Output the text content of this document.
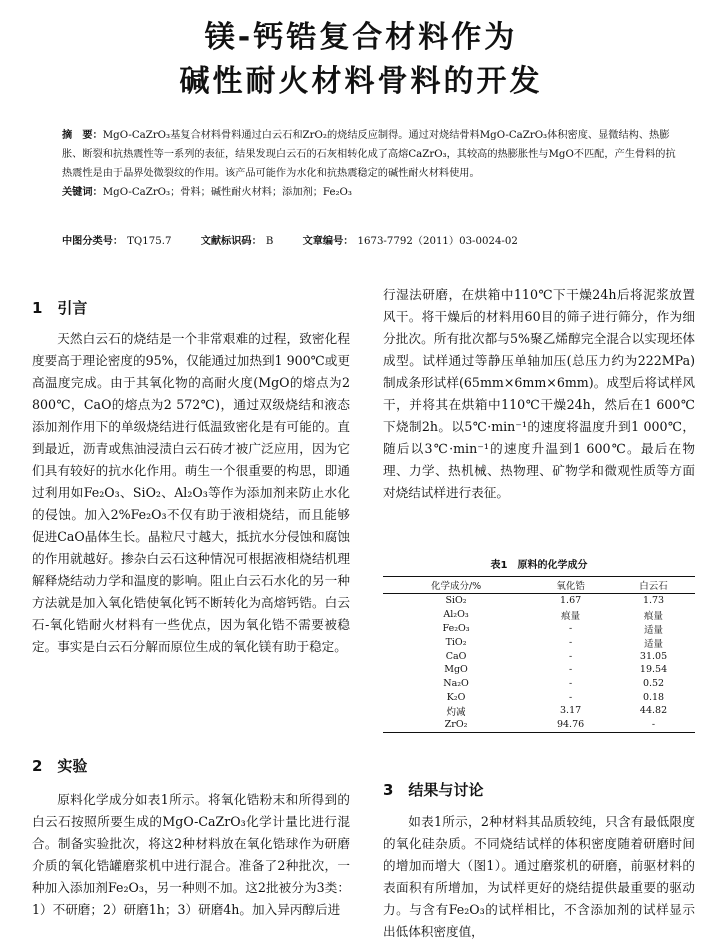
镁-钙锆复合材料作为
碱性耐火材料骨料的开发
摘　要：MgO-CaZrO₃基复合材料骨料通过白云石和ZrO₂的烧结反应制得。通过对烧结骨料MgO-CaZrO₃体积密度、显微结构、热膨胀、断裂和抗热震性等一系列的表征，结果发现白云石的石灰相转化成了高熔CaZrO₃，其较高的热膨胀性与MgO不匹配，产生骨料的抗热震性是由于晶界处微裂纹的作用。该产品可能作为水化和抗热震稳定的碱性耐火材料使用。
关键词：MgO-CaZrO₃；骨料；碱性耐火材料；添加剂；Fe₂O₃
中图分类号： TQ175.7	文献标识码： B	文章编号： 1673-7792（2011）03-0024-02
1　引言
天然白云石的烧结是一个非常艰难的过程，致密化程度要高于理论密度的95%，仅能通过加热到1 900℃或更高温度完成。由于其氧化物的高耐火度(MgO的熔点为2 800℃，CaO的熔点为2 572℃)，通过双级烧结和液态添加剂作用下的单级烧结进行低温致密化是有可能的。直到最近，沥青或焦油浸渍白云石砖才被广泛应用，因为它们具有较好的抗水化作用。萌生一个很重要的构思，即通过利用如Fe₂O₃、SiO₂、Al₂O₃等作为添加剂来防止水化的侵蚀。加入2%Fe₂O₃不仅有助于液相烧结，而且能够促进CaO晶体生长。晶粒尺寸越大，抵抗水分侵蚀和腐蚀的作用就越好。掺杂白云石这种情况可根据液相烧结机理解释烧结动力学和温度的影响。阻止白云石水化的另一种方法就是加入氧化锆使氧化钙不断转化为高熔钙锆。白云石-氧化锆耐火材料有一些优点，因为氧化锆不需要被稳定。事实是白云石分解而原位生成的氧化镁有助于稳定。
2　实验
原料化学成分如表1所示。将氧化锆粉末和所得到的白云石按照所要生成的MgO-CaZrO₃化学计量比进行混合。制备实验批次，将这2种材料放在氧化锆球作为研磨介质的氧化锆罐磨浆机中进行混合。准备了2种批次，一种加入添加剂Fe₂O₃，另一种则不加。这2批被分为3类：1）不研磨；2）研磨1h；3）研磨4h。加入异丙醇后进
行湿法研磨，在烘箱中110℃下干燥24h后将泥浆放置风干。将干燥后的材料用60目的筛子进行筛分，作为细分批次。所有批次都与5%聚乙烯醇完全混合以实现坯体成型。试样通过等静压单轴加压(总压力约为222MPa)制成条形试样(65mm×6mm×6mm)。成型后将试样风干，并将其在烘箱中110℃干燥24h，然后在1 600℃下烧制2h。以5℃·min⁻¹的速度将温度升到1 000℃，随后以3℃·min⁻¹的速度升温到1 600℃。最后在物理、力学、热机械、热物理、矿物学和微观性质等方面对烧结试样进行表征。
表1　原料的化学成分
化学成分/%	氧化锆	白云石
SiO₂	1.67	1.73
Al₂O₃	痕量	痕量
Fe₂O₃	-	适量
TiO₂	-	适量
CaO	-	31.05
MgO	-	19.54
Na₂O	-	0.52
K₂O	-	0.18
灼减	3.17	44.82
ZrO₂	94.76	-
3　结果与讨论
如表1所示，2种材料其品质较纯，只含有最低限度的氧化硅杂质。不同烧结试样的体积密度随着研磨时间的增加而增大（图1）。通过磨浆机的研磨，前驱材料的表面积有所增加，为试样更好的烧结提供最重要的驱动力。与含有Fe₂O₃的试样相比，不含添加剂的试样显示出低体积密度值，
